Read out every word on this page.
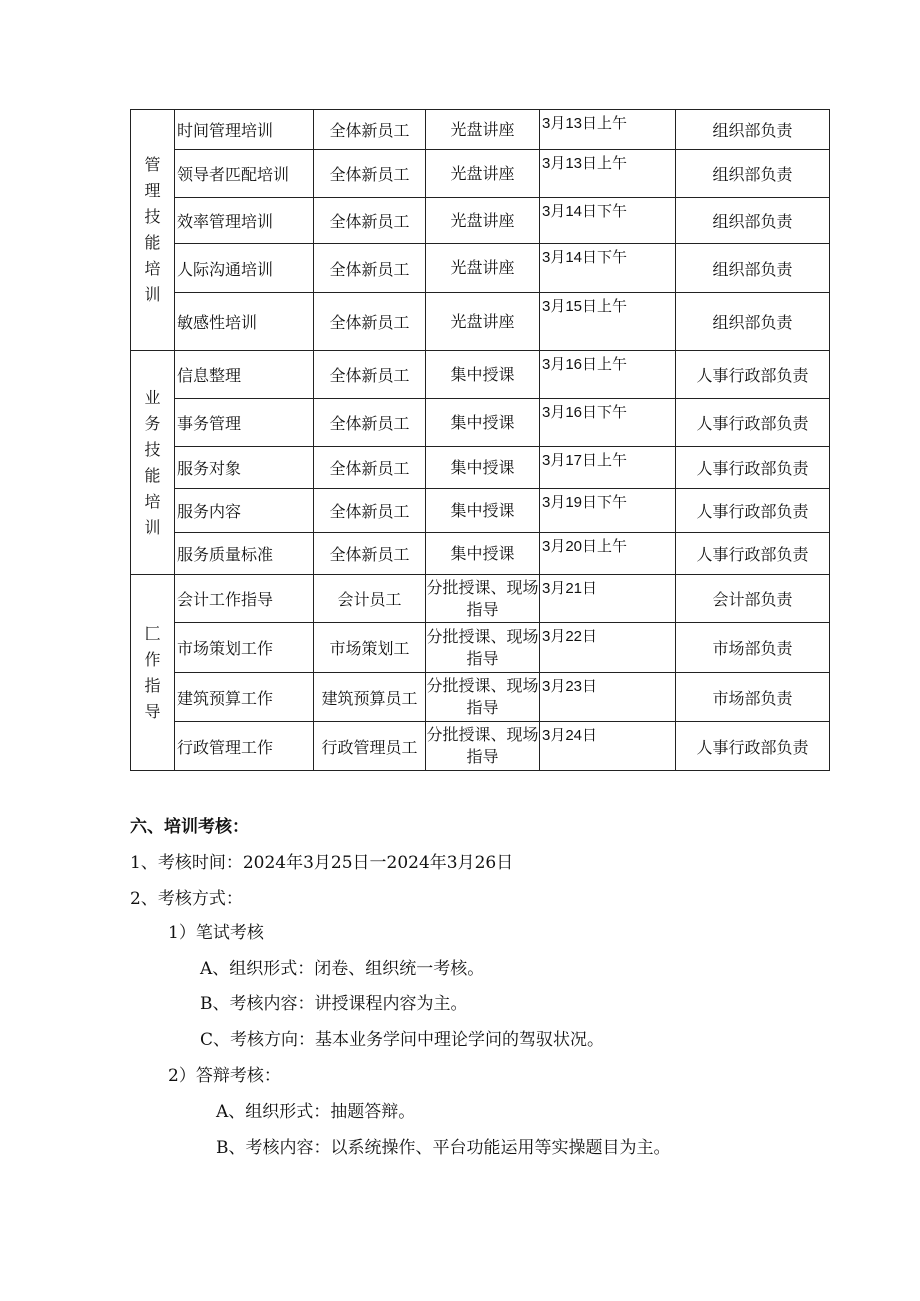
管理技能培训	时间管理培训	全体新员工	光盘讲座	3月13日上午	组织部负责
	领导者匹配培训	全体新员工	光盘讲座	3月13日上午	组织部负责
	效率管理培训	全体新员工	光盘讲座	3月14日下午	组织部负责
	人际沟通培训	全体新员工	光盘讲座	3月14日下午	组织部负责
	敏感性培训	全体新员工	光盘讲座	3月15日上午	组织部负责
业务技能培训	信息整理	全体新员工	集中授课	3月16日上午	人事行政部负责
	事务管理	全体新员工	集中授课	3月16日下午	人事行政部负责
	服务对象	全体新员工	集中授课	3月17日上午	人事行政部负责
	服务内容	全体新员工	集中授课	3月19日下午	人事行政部负责
	服务质量标准	全体新员工	集中授课	3月20日上午	人事行政部负责
匚作指导	会计工作指导	会计员工	分批授课、现场指导	3月21日	会计部负责
	市场策划工作	市场策划工	分批授课、现场指导	3月22日	市场部负责
	建筑预算工作	建筑预算员工	分批授课、现场指导	3月23日	市场部负责
	行政管理工作	行政管理员工	分批授课、现场指导	3月24日	人事行政部负责
六、培训考核：
1、考核时间：2024年3月25日一2024年3月26日
2、考核方式：
1）笔试考核
A、组织形式：闭卷、组织统一考核。
B、考核内容：讲授课程内容为主。
C、考核方向：基本业务学问中理论学问的驾驭状况。
2）答辩考核：
A、组织形式：抽题答辩。
B、考核内容：以系统操作、平台功能运用等实操题目为主。
